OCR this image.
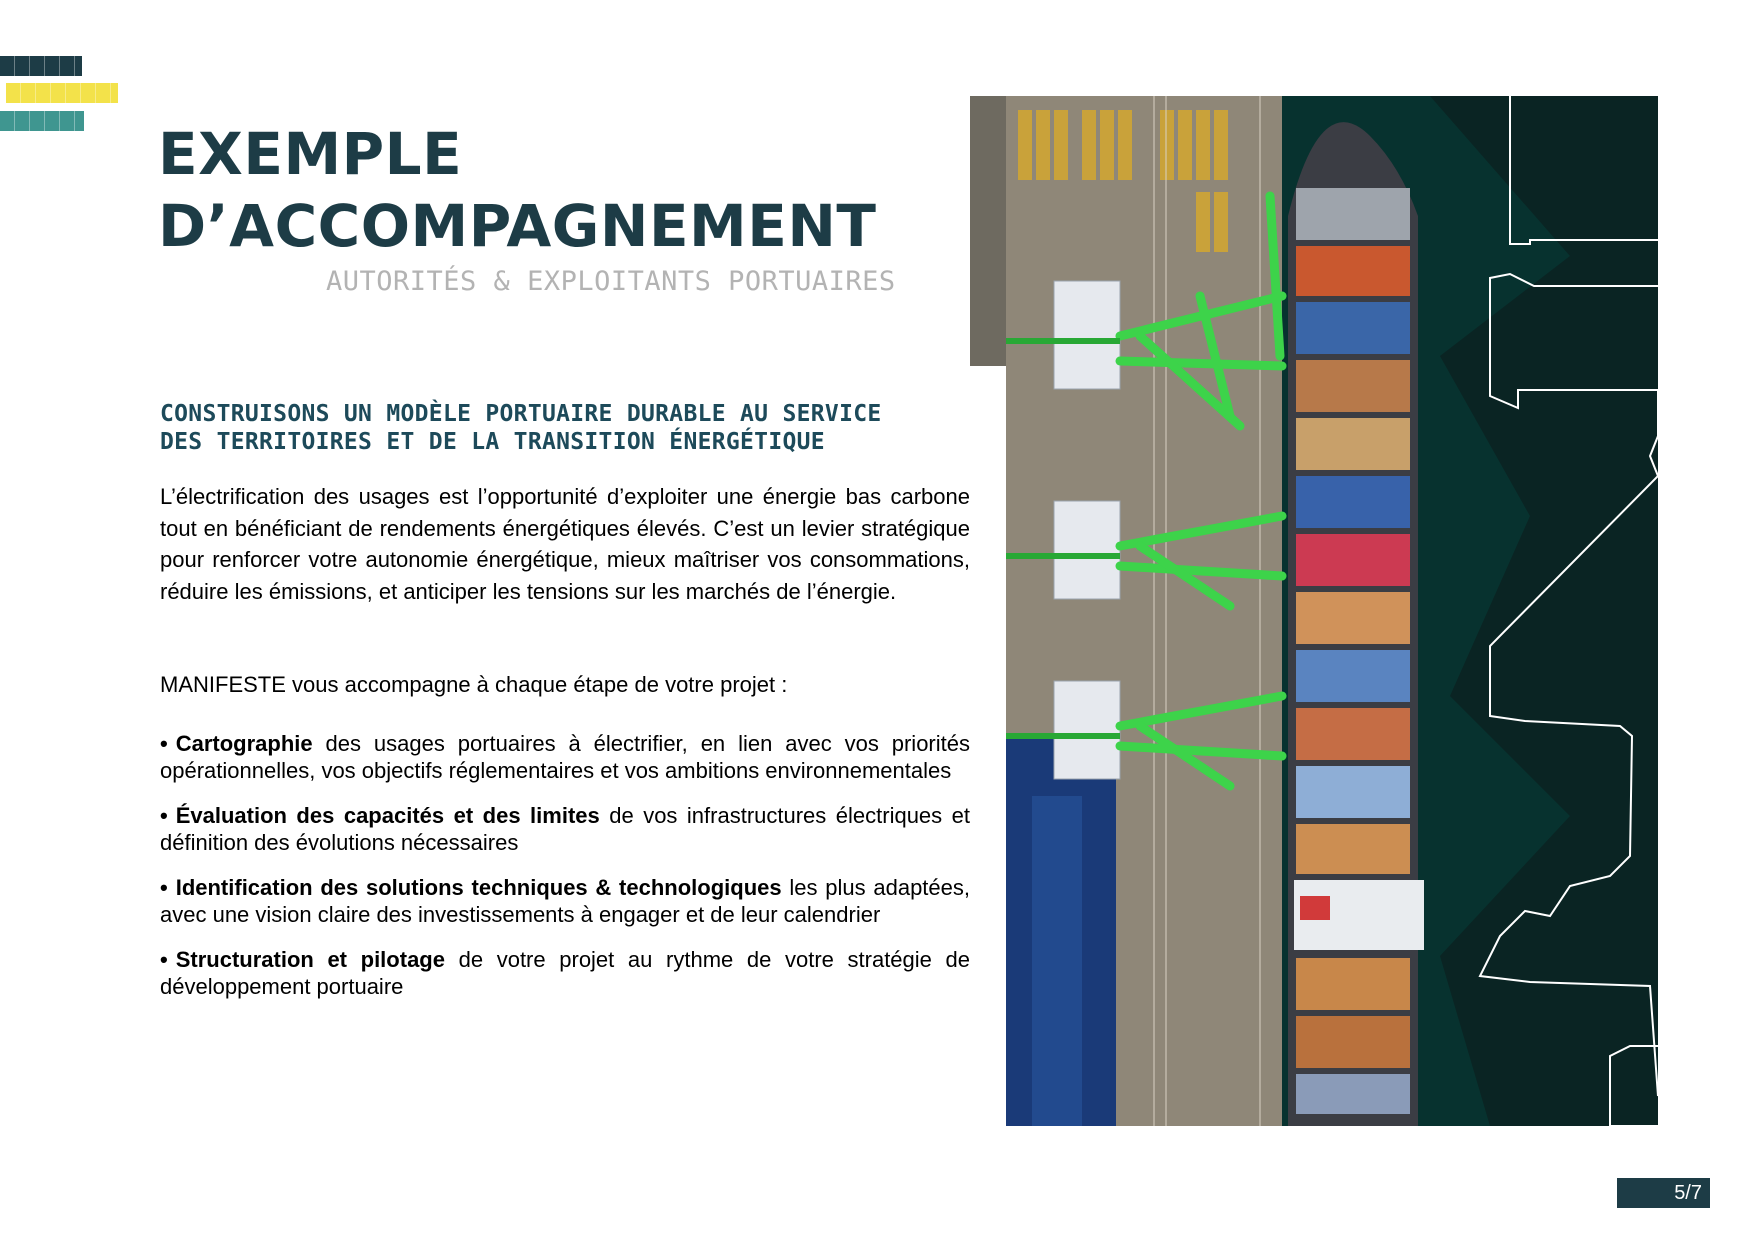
EXEMPLE
D’ACCOMPAGNEMENT
AUTORITÉS & EXPLOITANTS PORTUAIRES
CONSTRUISONS UN MODÈLE PORTUAIRE DURABLE AU SERVICE
DES TERRITOIRES ET DE LA TRANSITION ÉNERGÉTIQUE

L’électrification des usages est l’opportunité d’exploiter une énergie bas carbone tout en bénéficiant de rendements énergétiques élevés. C’est un levier stratégique pour renforcer votre autonomie énergétique, mieux maîtriser vos consommations, réduire les émissions, et anticiper les tensions sur les marchés de l’énergie.

MANIFESTE vous accompagne à chaque étape de votre projet :

• Cartographie des usages portuaires à électrifier, en lien avec vos priorités opérationnelles, vos objectifs réglementaires et vos ambitions environnementales
• Évaluation des capacités et des limites de vos infrastructures électriques et définition des évolutions nécessaires
• Identification des solutions techniques & technologiques les plus adaptées, avec une vision claire des investissements à engager et de leur calendrier
• Structuration et pilotage de votre projet au rythme de votre stratégie de développement portuaire
5/7
